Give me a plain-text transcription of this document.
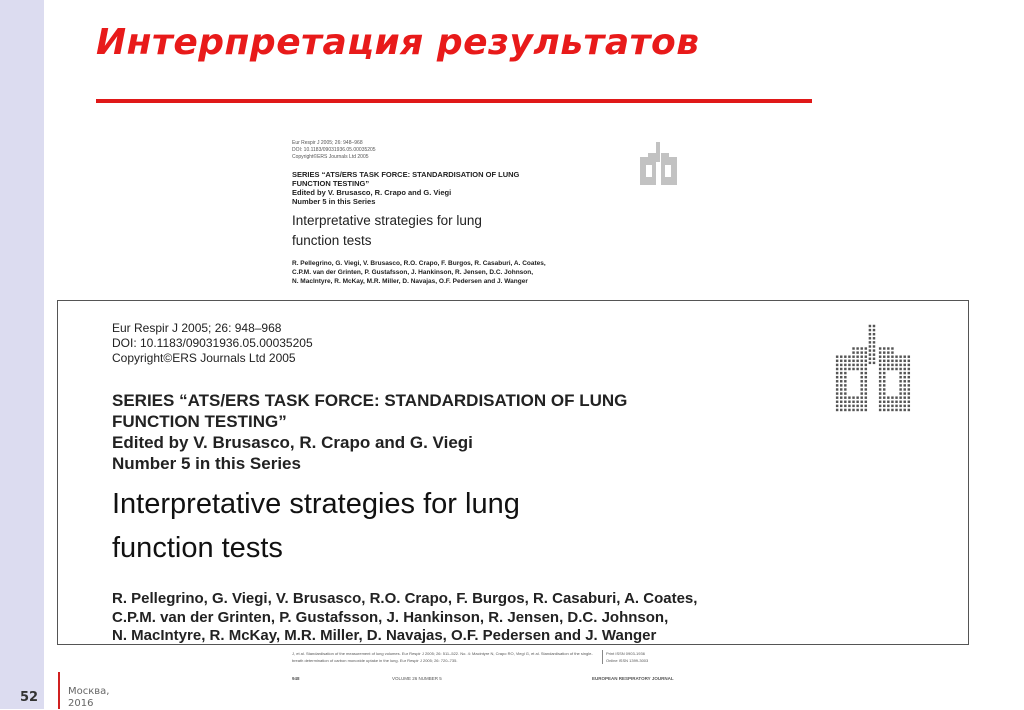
Интерпретация результатов
Eur Respir J 2005; 26: 948–968
DOI: 10.1183/09031936.05.00035205
Copyright©ERS Journals Ltd 2005
SERIES “ATS/ERS TASK FORCE: STANDARDISATION OF LUNG
FUNCTION TESTING”
Edited by V. Brusasco, R. Crapo and G. Viegi
Number 5 in this Series
Interpretative strategies for lung
function tests
R. Pellegrino, G. Viegi, V. Brusasco, R.O. Crapo, F. Burgos, R. Casaburi, A. Coates,
C.P.M. van der Grinten, P. Gustafsson, J. Hankinson, R. Jensen, D.C. Johnson,
N. MacIntyre, R. McKay, M.R. Miller, D. Navajas, O.F. Pedersen and J. Wanger
Eur Respir J 2005; 26: 948–968
DOI: 10.1183/09031936.05.00035205
Copyright©ERS Journals Ltd 2005
SERIES “ATS/ERS TASK FORCE: STANDARDISATION OF LUNG
FUNCTION TESTING”
Edited by V. Brusasco, R. Crapo and G. Viegi
Number 5 in this Series
Interpretative strategies for lung
function tests
R. Pellegrino, G. Viegi, V. Brusasco, R.O. Crapo, F. Burgos, R. Casaburi, A. Coates,
C.P.M. van der Grinten, P. Gustafsson, J. Hankinson, R. Jensen, D.C. Johnson,
N. MacIntyre, R. McKay, M.R. Miller, D. Navajas, O.F. Pedersen and J. Wanger
J, et al. Standardisation of the measurement of lung volumes. Eur Respir J 2005; 26: 511–522. No. 4: Macintyre N, Crapo RO, Viegi G, et al. Standardisation of the single-breath determination of carbon monoxide uptake in the lung. Eur Respir J 2005; 26: 720–735.
Print ISSN 0903-1936
Online ISSN 1399-3003
948	VOLUME 26 NUMBER 5	EUROPEAN RESPIRATORY JOURNAL
52	Москва,
2016
